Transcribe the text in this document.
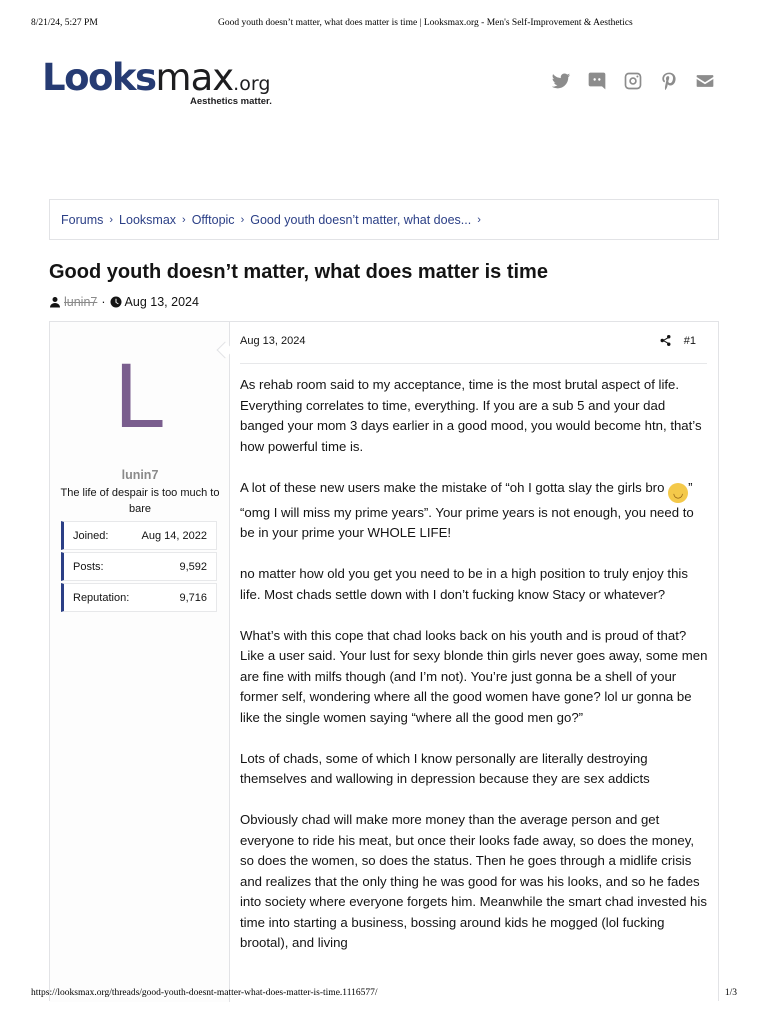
8/21/24, 5:27 PM	Good youth doesn’t matter, what does matter is time | Looksmax.org - Men's Self-Improvement & Aesthetics
Looksmax.org
Aesthetics matter.
Forums › Looksmax › Offtopic › Good youth doesn’t matter, what does... ›
Good youth doesn’t matter, what does matter is time
lunin7 · Aug 13, 2024
L
lunin7
The life of despair is too much to bare
Joined:	Aug 14, 2022
Posts:	9,592
Reputation:	9,716
Aug 13, 2024	#1

As rehab room said to my acceptance, time is the most brutal aspect of life. Everything correlates to time, everything. If you are a sub 5 and your dad banged your mom 3 days earlier in a good mood, you would become htn, that’s how powerful time is.

A lot of these new users make the mistake of “oh I gotta slay the girls bro ◡ ” “omg I will miss my prime years”. Your prime years is not enough, you need to be in your prime your WHOLE LIFE!

no matter how old you get you need to be in a high position to truly enjoy this life. Most chads settle down with I don’t fucking know Stacy or whatever?

What’s with this cope that chad looks back on his youth and is proud of that? Like a user said. Your lust for sexy blonde thin girls never goes away, some men are fine with milfs though (and I’m not). You’re just gonna be a shell of your former self, wondering where all the good women have gone? lol ur gonna be like the single women saying “where all the good men go?”

Lots of chads, some of which I know personally are literally destroying themselves and wallowing in depression because they are sex addicts

Obviously chad will make more money than the average person and get everyone to ride his meat, but once their looks fade away, so does the money, so does the women, so does the status. Then he goes through a midlife crisis and realizes that the only thing he was good for was his looks, and so he fades into society where everyone forgets him. Meanwhile the smart chad invested his time into starting a business, bossing around kids he mogged (lol fucking brootal), and living

https://looksmax.org/threads/good-youth-doesnt-matter-what-does-matter-is-time.1116577/	1/3
